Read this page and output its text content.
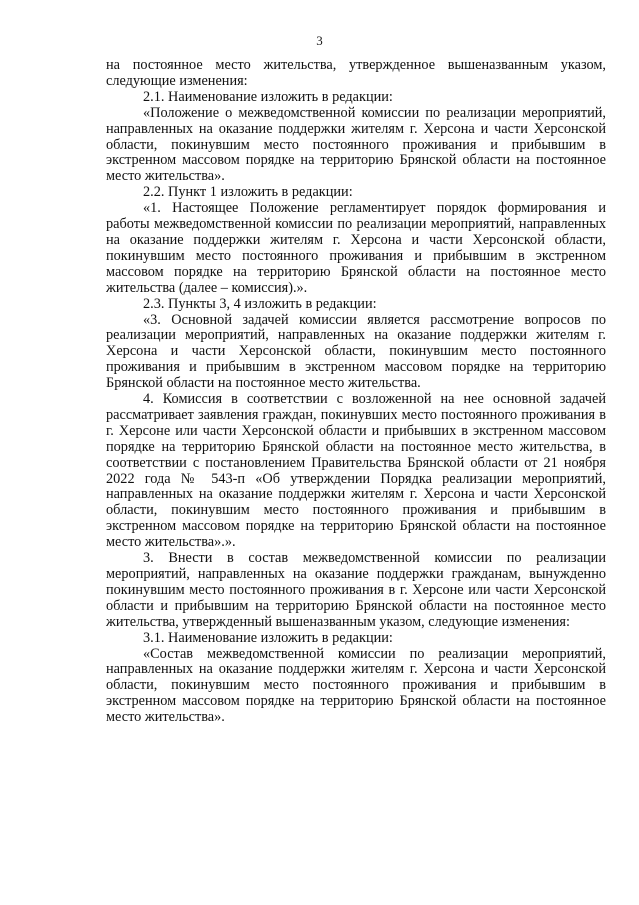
3

на постоянное место жительства, утвержденное вышеназванным указом, следующие изменения:

2.1. Наименование изложить в редакции:

«Положение о межведомственной комиссии по реализации мероприятий, направленных на оказание поддержки жителям г. Херсона и части Херсонской области, покинувшим место постоянного проживания и прибывшим в экстренном массовом порядке на территорию Брянской области на постоянное место жительства».

2.2. Пункт 1 изложить в редакции:

«1. Настоящее Положение регламентирует порядок формирования и работы межведомственной комиссии по реализации мероприятий, направленных на оказание поддержки жителям г. Херсона и части Херсонской области, покинувшим место постоянного проживания и прибывшим в экстренном массовом порядке на территорию Брянской области на постоянное место жительства (далее – комиссия).».

2.3. Пункты 3, 4 изложить в редакции:

«3. Основной задачей комиссии является рассмотрение вопросов по реализации мероприятий, направленных на оказание поддержки жителям г. Херсона и части Херсонской области, покинувшим место постоянного проживания и прибывшим в экстренном массовом порядке на территорию Брянской области на постоянное место жительства.

4. Комиссия в соответствии с возложенной на нее основной задачей рассматривает заявления граждан, покинувших место постоянного проживания в г. Херсоне или части Херсонской области и прибывших в экстренном массовом порядке на территорию Брянской области на постоянное место жительства, в соответствии с постановлением Правительства Брянской области от 21 ноября 2022 года № 543-п «Об утверждении Порядка реализации мероприятий, направленных на оказание поддержки жителям г. Херсона и части Херсонской области, покинувшим место постоянного проживания и прибывшим в экстренном массовом порядке на территорию Брянской области на постоянное место жительства».».

3. Внести в состав межведомственной комиссии по реализации мероприятий, направленных на оказание поддержки гражданам, вынужденно покинувшим место постоянного проживания в г. Херсоне или части Херсонской области и прибывшим на территорию Брянской области на постоянное место жительства, утвержденный вышеназванным указом, следующие изменения:

3.1. Наименование изложить в редакции:

«Состав межведомственной комиссии по реализации мероприятий, направленных на оказание поддержки жителям г. Херсона и части Херсонской области, покинувшим место постоянного проживания и прибывшим в экстренном массовом порядке на территорию Брянской области на постоянное место жительства».
